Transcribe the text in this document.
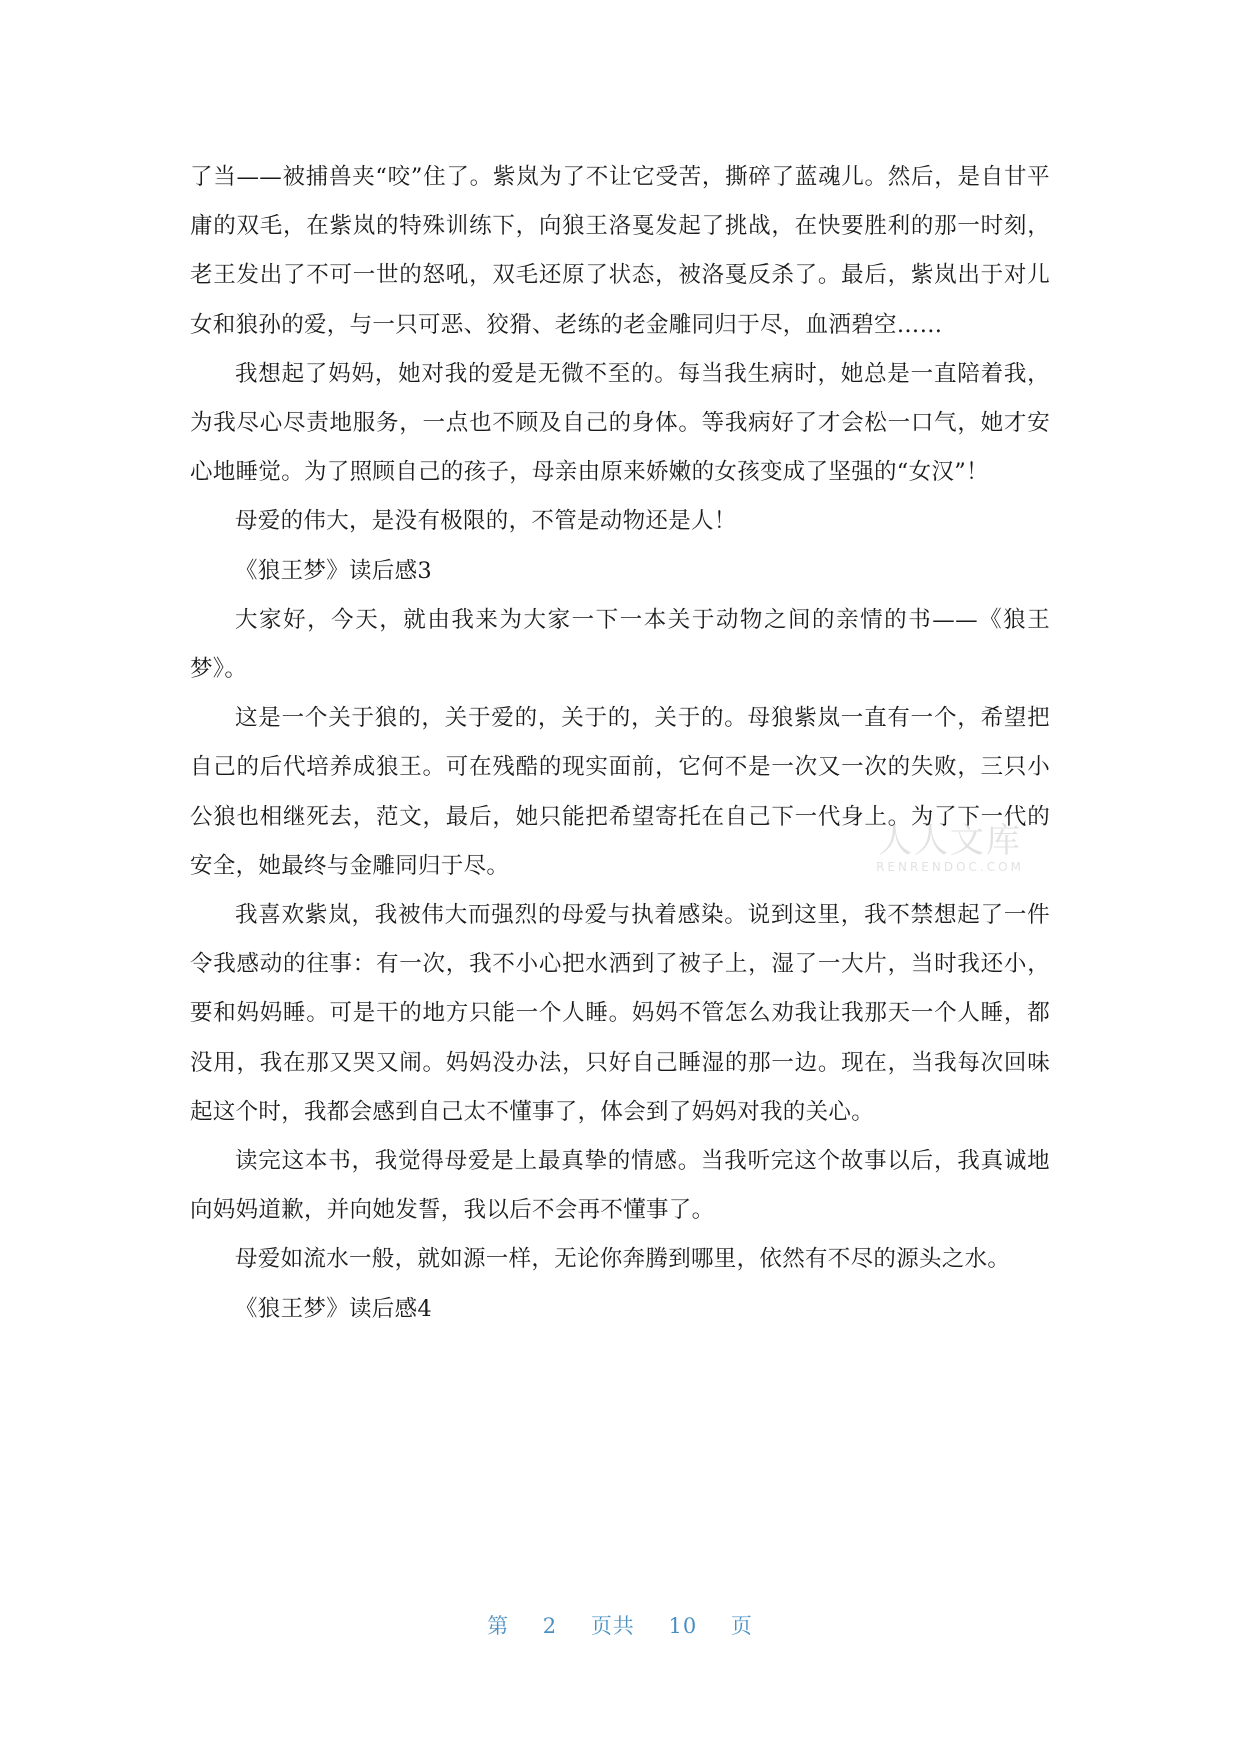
了当——被捕兽夹“咬”住了。紫岚为了不让它受苦，撕碎了蓝魂儿。然后，是自甘平庸的双毛，在紫岚的特殊训练下，向狼王洛戛发起了挑战，在快要胜利的那一时刻，老王发出了不可一世的怒吼，双毛还原了状态，被洛戛反杀了。最后，紫岚出于对儿女和狼孙的爱，与一只可恶、狡猾、老练的老金雕同归于尽，血洒碧空……

我想起了妈妈，她对我的爱是无微不至的。每当我生病时，她总是一直陪着我，为我尽心尽责地服务，一点也不顾及自己的身体。等我病好了才会松一口气，她才安心地睡觉。为了照顾自己的孩子，母亲由原来娇嫩的女孩变成了坚强的“女汉”！

母爱的伟大，是没有极限的，不管是动物还是人！

《狼王梦》读后感3

大家好，今天，就由我来为大家一下一本关于动物之间的亲情的书——《狼王梦》。

这是一个关于狼的，关于爱的，关于的，关于的。母狼紫岚一直有一个，希望把自己的后代培养成狼王。可在残酷的现实面前，它何不是一次又一次的失败，三只小公狼也相继死去，范文，最后，她只能把希望寄托在自己下一代身上。为了下一代的安全，她最终与金雕同归于尽。

我喜欢紫岚，我被伟大而强烈的母爱与执着感染。说到这里，我不禁想起了一件令我感动的往事：有一次，我不小心把水洒到了被子上，湿了一大片，当时我还小，要和妈妈睡。可是干的地方只能一个人睡。妈妈不管怎么劝我让我那天一个人睡，都没用，我在那又哭又闹。妈妈没办法，只好自己睡湿的那一边。现在，当我每次回味起这个时，我都会感到自己太不懂事了，体会到了妈妈对我的关心。

读完这本书，我觉得母爱是上最真挚的情感。当我听完这个故事以后，我真诚地向妈妈道歉，并向她发誓，我以后不会再不懂事了。

母爱如流水一般，就如源一样，无论你奔腾到哪里，依然有不尽的源头之水。

《狼王梦》读后感4

人人文库
RENRENDOC.COM
第 2 页共 10 页
